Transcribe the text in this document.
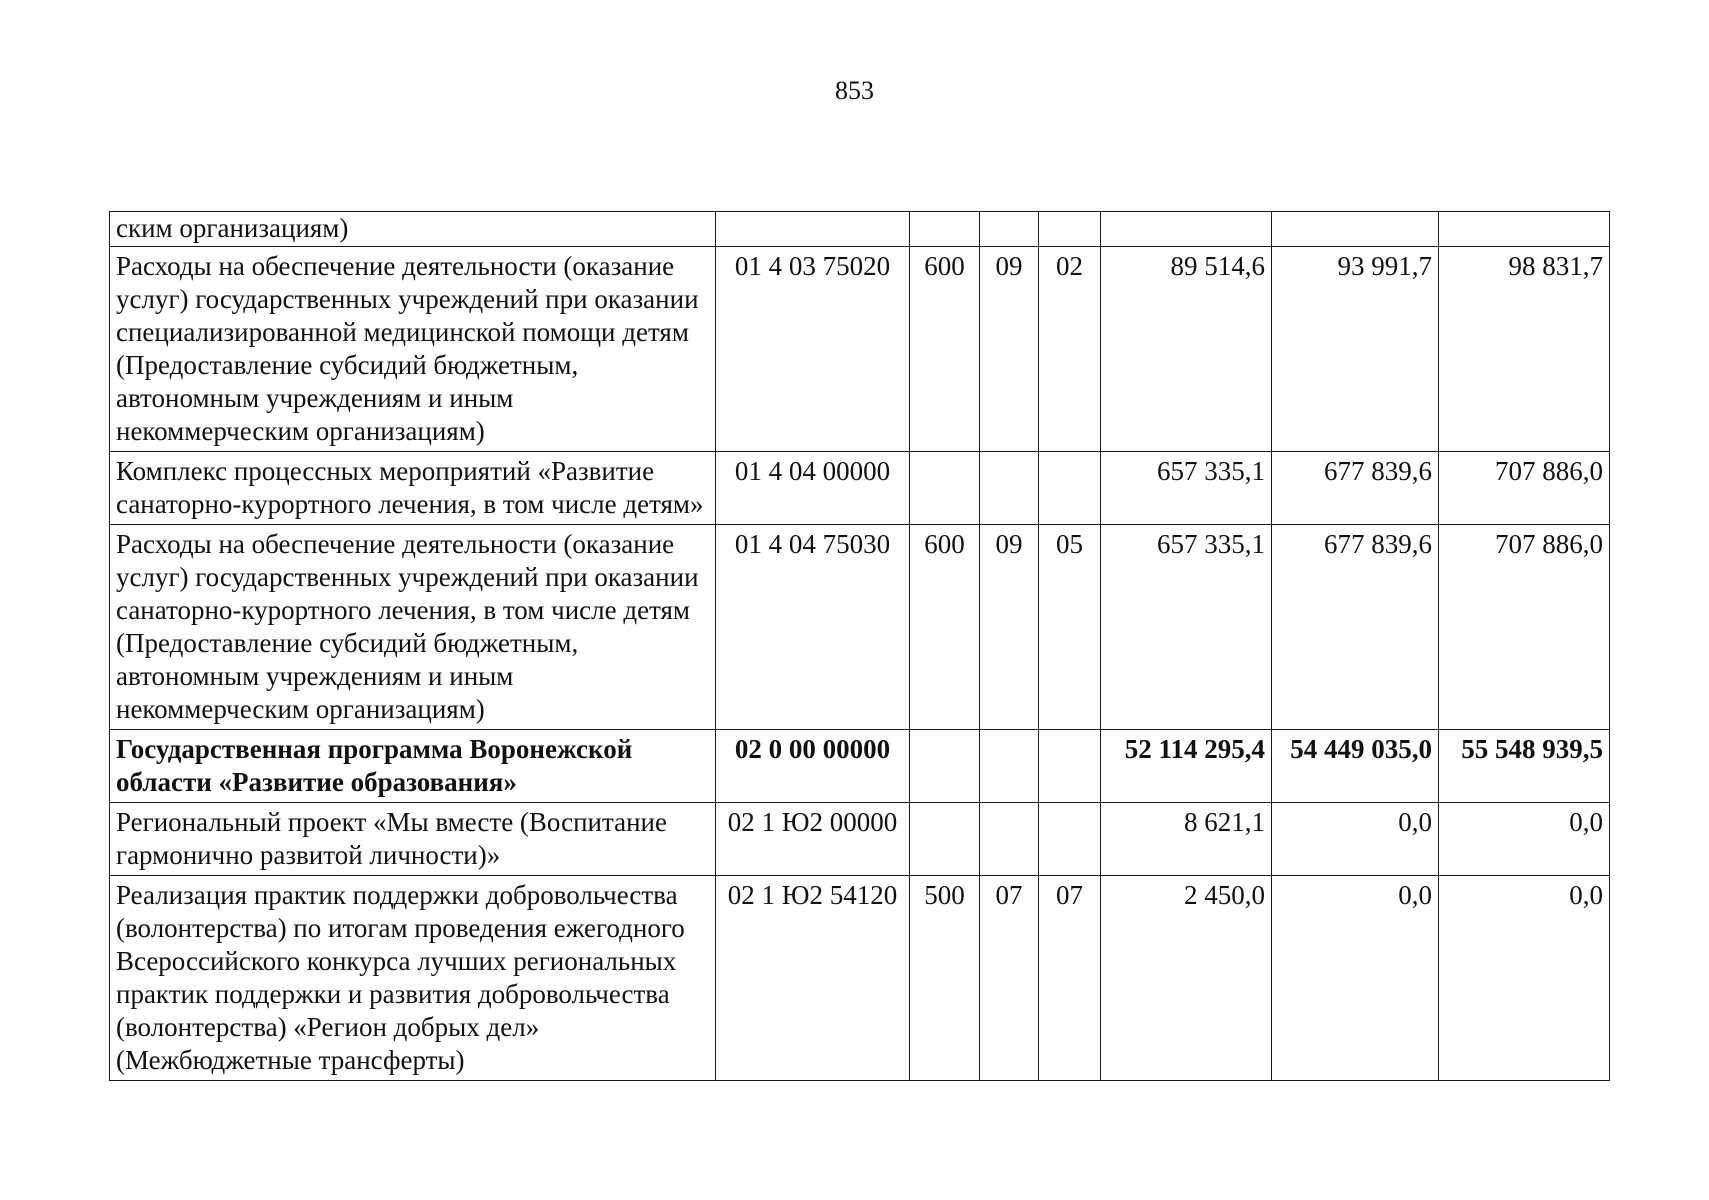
853
ским организациям)							
Расходы на обеспечение деятельности (оказание услуг) государственных учреждений при оказании специализированной медицинской помощи детям (Предоставление субсидий бюджетным, автономным учреждениям и иным некоммерческим организациям)	01 4 03 75020	600	09	02	89 514,6	93 991,7	98 831,7
Комплекс процессных мероприятий «Развитие санаторно-курортного лечения, в том числе детям»	01 4 04 00000				657 335,1	677 839,6	707 886,0
Расходы на обеспечение деятельности (оказание услуг) государственных учреждений при оказании санаторно-курортного лечения, в том числе детям (Предоставление субсидий бюджетным, автономным учреждениям и иным некоммерческим организациям)	01 4 04 75030	600	09	05	657 335,1	677 839,6	707 886,0
Государственная программа Воронежской области «Развитие образования»	02 0 00 00000				52 114 295,4	54 449 035,0	55 548 939,5
Региональный проект «Мы вместе (Воспитание гармонично развитой личности)»	02 1 Ю2 00000				8 621,1	0,0	0,0
Реализация практик поддержки добровольчества (волонтерства) по итогам проведения ежегодного Всероссийского конкурса лучших региональных практик поддержки и развития добровольчества (волонтерства) «Регион добрых дел» (Межбюджетные трансферты)	02 1 Ю2 54120	500	07	07	2 450,0	0,0	0,0
